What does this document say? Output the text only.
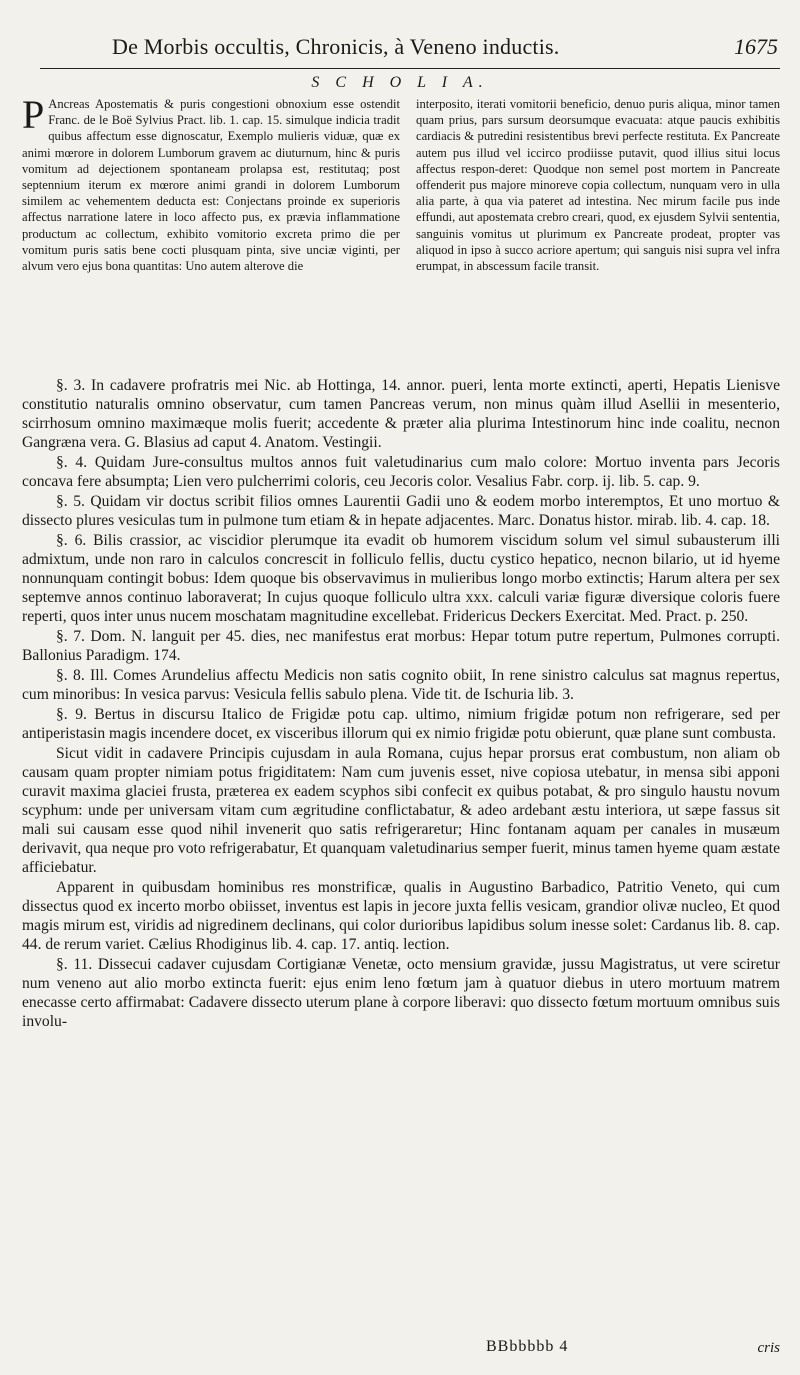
De Morbis occultis, Chronicis, à Veneno inductis.	1675
S C H O L I A.

P Ancreas Apostematis & puris congestioni obnoxium esse ostendit Franc. de le Boë Sylvius Pract. lib. 1. cap. 15. simulque indicia tradit quibus affectum esse dignoscatur, Exemplo mulieris viduæ, quæ ex animi mœrore in dolorem Lumborum gravem ac diuturnum, hinc & puris vomitum ad dejectionem spontaneam prolapsa est, restitutaq; post septennium iterum ex mœrore animi grandi in dolorem Lumborum similem ac vehementem deducta est: Conjectans proinde ex superioris affectus narratione latere in loco affecto pus, ex prævia inflammatione productum ac collectum, exhibito vomitorio excreta primo die per vomitum puris satis bene cocti plusquam pinta, sive unciæ viginti, per alvum vero ejus bona quantitas: Uno autem alterove die

interposito, iterati vomitorii beneficio, denuo puris aliqua, minor tamen quam prius, pars sursum deorsumque evacuata: atque paucis exhibitis cardiacis & putredini resistentibus brevi perfecte restituta. Ex Pancreate autem pus illud vel iccirco prodiisse putavit, quod illius situi locus affectus respon-deret: Quodque non semel post mortem in Pancreate offenderit pus majore minoreve copia collectum, nunquam vero in ulla alia parte, à qua via pateret ad intestina. Nec mirum facile pus inde effundi, aut apostemata crebro creari, quod, ex ejusdem Sylvii sententia, sanguinis vomitus ut plurimum ex Pancreate prodeat, propter vas aliquod in ipso à succo acriore apertum; qui sanguis nisi supra vel infra erumpat, in abscessum facile transit.

§. 3. In cadavere profratris mei Nic. ab Hottinga, 14. annor. pueri, lenta morte extincti, aperti, Hepatis Lienisve constitutio naturalis omnino observatur, cum tamen Pancreas verum, non minus quàm illud Asellii in mesenterio, scirrhosum omnino maximæque molis fuerit; accedente & præter alia plurima Intestinorum hinc inde coalitu, necnon Gangræna vera. G. Blasius ad caput 4. Anatom. Vestingii.

§. 4. Quidam Jure-consultus multos annos fuit valetudinarius cum malo colore: Mortuo inventa pars Jecoris concava fere absumpta; Lien vero pulcherrimi coloris, ceu Jecoris color. Vesalius Fabr. corp. ij. lib. 5. cap. 9.

§. 5. Quidam vir doctus scribit filios omnes Laurentii Gadii uno & eodem morbo interemptos, Et uno mortuo & dissecto plures vesiculas tum in pulmone tum etiam & in hepate adjacentes. Marc. Donatus histor. mirab. lib. 4. cap. 18.

§. 6. Bilis crassior, ac viscidior plerumque ita evadit ob humorem viscidum solum vel simul subausterum illi admixtum, unde non raro in calculos concrescit in folliculo fellis, ductu cystico hepatico, necnon bilario, ut id hyeme nonnunquam contingit bobus: Idem quoque bis observavimus in mulieribus longo morbo extinctis; Harum altera per sex septemve annos continuo laboraverat; In cujus quoque folliculo ultra xxx. calculi variæ figuræ diversique coloris fuere reperti, quos inter unus nucem moschatam magnitudine excellebat. Fridericus Deckers Exercitat. Med. Pract. p. 250.

§. 7. Dom. N. languit per 45. dies, nec manifestus erat morbus: Hepar totum putre repertum, Pulmones corrupti. Ballonius Paradigm. 174.

§. 8. Ill. Comes Arundelius affectu Medicis non satis cognito obiit, In rene sinistro calculus sat magnus repertus, cum minoribus: In vesica parvus: Vesicula fellis sabulo plena. Vide tit. de Ischuria lib. 3.

§. 9. Bertus in discursu Italico de Frigidæ potu cap. ultimo, nimium frigidæ potum non refrigerare, sed per antiperistasin magis incendere docet, ex visceribus illorum qui ex nimio frigidæ potu obierunt, quæ plane sunt combusta.

Sicut vidit in cadavere Principis cujusdam in aula Romana, cujus hepar prorsus erat combustum, non aliam ob causam quam propter nimiam potus frigiditatem: Nam cum juvenis esset, nive copiosa utebatur, in mensa sibi apponi curavit maxima glaciei frusta, præterea ex eadem scyphos sibi confecit ex quibus potabat, & pro singulo haustu novum scyphum: unde per universam vitam cum ægritudine conflictabatur, & adeo ardebant æstu interiora, ut sæpe fassus sit mali sui causam esse quod nihil invenerit quo satis refrigeraretur; Hinc fontanam aquam per canales in musæum derivavit, qua neque pro voto refrigerabatur, Et quanquam valetudinarius semper fuerit, minus tamen hyeme quam æstate afficiebatur.

Apparent in quibusdam hominibus res monstrificæ, qualis in Augustino Barbadico, Patritio Veneto, qui cum dissectus quod ex incerto morbo obiisset, inventus est lapis in jecore juxta fellis vesicam, grandior olivæ nucleo, Et quod magis mirum est, viridis ad nigredinem declinans, qui color durioribus lapidibus solum inesse solet: Cardanus lib. 8. cap. 44. de rerum variet. Cælius Rhodiginus lib. 4. cap. 17. antiq. lection.

§. 11. Dissecui cadaver cujusdam Cortigianæ Venetæ, octo mensium gravidæ, jussu Magistratus, ut vere sciretur num veneno aut alio morbo extincta fuerit: ejus enim leno fœtum jam à quatuor diebus in utero mortuum matrem enecasse certo affirmabat: Cadavere dissecto uterum plane à corpore liberavi: quo dissecto fœtum mortuum omnibus suis involu-

BBbbbbb 4	cris
